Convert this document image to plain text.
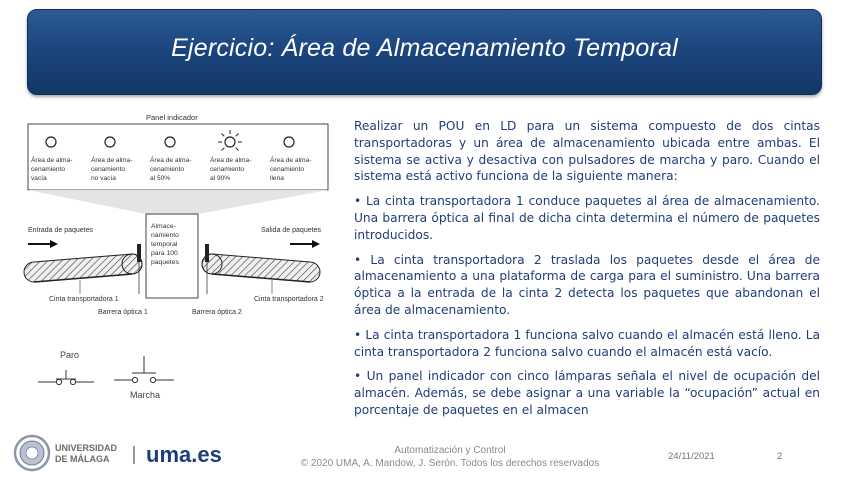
Ejercicio: Área de Almacenamiento Temporal
Panel indicador
Área de alma-
cenamiento
vacía
Área de alma-
cenamiento
no vacía
Área de alma-
cenamiento
al 50%
Área de alma-
cenamiento
al 90%
Área de alma-
cenamiento
llena
Entrada de paquetes	Salida de paquetes
Almace-
namiento
temporal
para 100
paquetes
Cinta transportadora 1	Cinta transportadora 2
Barrera óptica 1	Barrera óptica 2
Paro
Marcha

Realizar un POU en LD para un sistema compuesto de dos cintas transportadoras y un área de almacenamiento ubicada entre ambas. El sistema se activa y desactiva con pulsadores de marcha y paro. Cuando el sistema está activo funciona de la siguiente manera:

• La cinta transportadora 1 conduce paquetes al área de almacenamiento. Una barrera óptica al final de dicha cinta determina el número de paquetes introducidos.

• La cinta transportadora 2 traslada los paquetes desde el área de almacenamiento a una plataforma de carga para el suministro. Una barrera óptica a la entrada de la cinta 2 detecta los paquetes que abandonan el área de almacenamiento.

• La cinta transportadora 1 funciona salvo cuando el almacén está lleno. La cinta transportadora 2 funciona salvo cuando el almacén está vacío.

• Un panel indicador con cinco lámparas señala el nivel de ocupación del almacén. Además, se debe asignar a una variable la “ocupación” actual en porcentaje de paquetes en el almacen

UNIVERSIDAD
DE MÁLAGA uma.es	Automatización y Control
© 2020 UMA, A. Mandow, J. Serón. Todos los derechos reservados
24/11/2021	2
